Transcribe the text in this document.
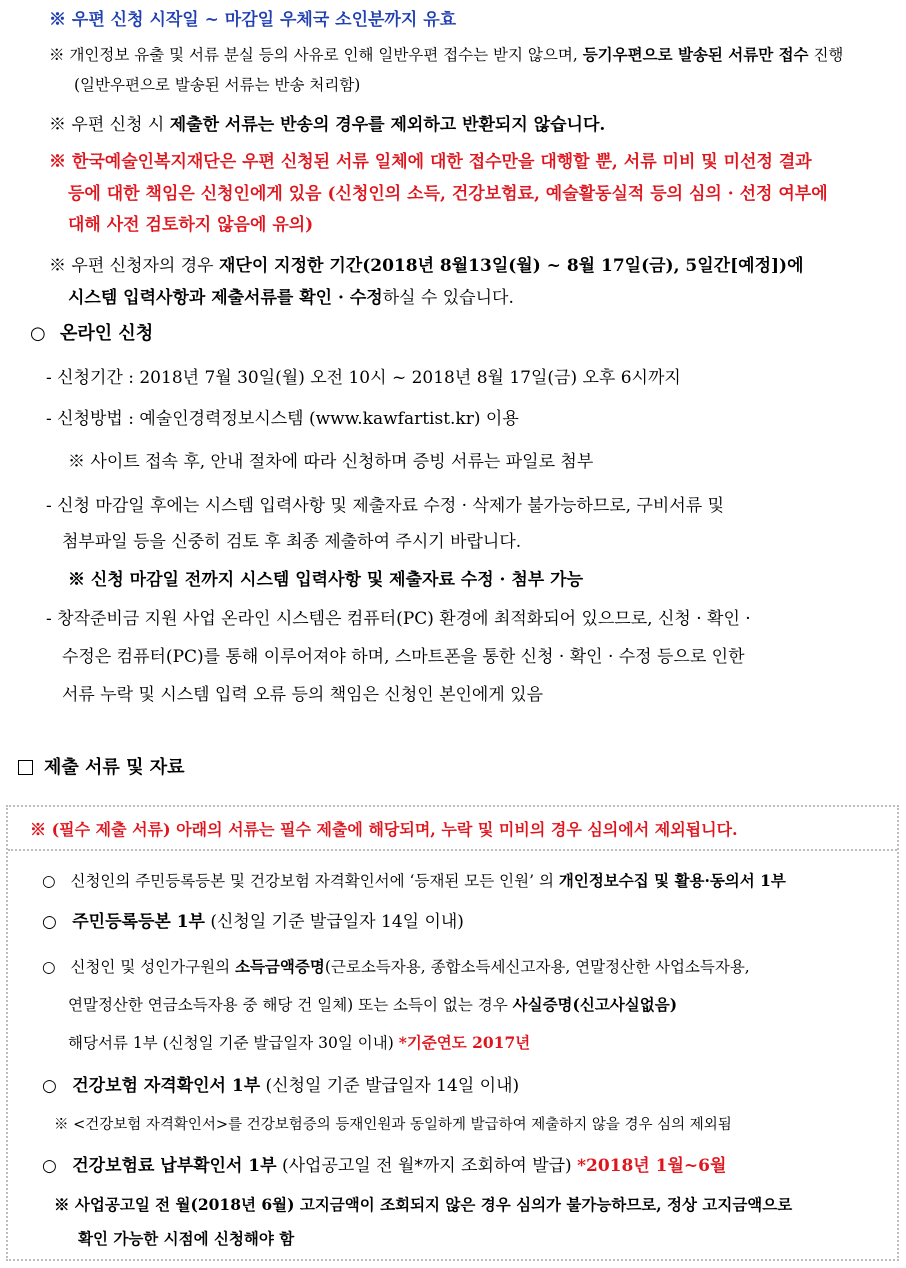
※ 우편 신청 시작일 ~ 마감일 우체국 소인분까지 유효
※ 개인정보 유출 및 서류 분실 등의 사유로 인해 일반우편 접수는 받지 않으며, 등기우편으로 발송된 서류만 접수 진행
(일반우편으로 발송된 서류는 반송 처리함)
※ 우편 신청 시 제출한 서류는 반송의 경우를 제외하고 반환되지 않습니다.
※ 한국예술인복지재단은 우편 신청된 서류 일체에 대한 접수만을 대행할 뿐, 서류 미비 및 미선정 결과
등에 대한 책임은 신청인에게 있음 (신청인의 소득, 건강보험료, 예술활동실적 등의 심의 · 선정 여부에
대해 사전 검토하지 않음에 유의)
※ 우편 신청자의 경우 재단이 지정한 기간(2018년 8월13일(월) ~ 8월 17일(금), 5일간[예정])에
시스템 입력사항과 제출서류를 확인 · 수정하실 수 있습니다.
○ 온라인 신청
- 신청기간 : 2018년 7월 30일(월) 오전 10시 ~ 2018년 8월 17일(금) 오후 6시까지
- 신청방법 : 예술인경력정보시스템 (www.kawfartist.kr) 이용
※ 사이트 접속 후, 안내 절차에 따라 신청하며 증빙 서류는 파일로 첨부
- 신청 마감일 후에는 시스템 입력사항 및 제출자료 수정 · 삭제가 불가능하므로, 구비서류 및
첨부파일 등을 신중히 검토 후 최종 제출하여 주시기 바랍니다.
※ 신청 마감일 전까지 시스템 입력사항 및 제출자료 수정 · 첨부 가능
- 창작준비금 지원 사업 온라인 시스템은 컴퓨터(PC) 환경에 최적화되어 있으므로, 신청 · 확인 ·
수정은 컴퓨터(PC)를 통해 이루어져야 하며, 스마트폰을 통한 신청 · 확인 · 수정 등으로 인한
서류 누락 및 시스템 입력 오류 등의 책임은 신청인 본인에게 있음
제출 서류 및 자료
※ (필수 제출 서류) 아래의 서류는 필수 제출에 해당되며, 누락 및 미비의 경우 심의에서 제외됩니다.
○ 신청인의 주민등록등본 및 건강보험 자격확인서에 ‘등재된 모든 인원’ 의 개인정보수집 및 활용·동의서 1부
○ 주민등록등본 1부 (신청일 기준 발급일자 14일 이내)
○ 신청인 및 성인가구원의 소득금액증명(근로소득자용, 종합소득세신고자용, 연말정산한 사업소득자용,
연말정산한 연금소득자용 중 해당 건 일체) 또는 소득이 없는 경우 사실증명(신고사실없음)
해당서류 1부 (신청일 기준 발급일자 30일 이내) *기준연도 2017년
○ 건강보험 자격확인서 1부 (신청일 기준 발급일자 14일 이내)
※ <건강보험 자격확인서>를 건강보험증의 등재인원과 동일하게 발급하여 제출하지 않을 경우 심의 제외됨
○ 건강보험료 납부확인서 1부 (사업공고일 전 월*까지 조회하여 발급) *2018년 1월~6월
※ 사업공고일 전 월(2018년 6월) 고지금액이 조회되지 않은 경우 심의가 불가능하므로, 정상 고지금액으로
확인 가능한 시점에 신청해야 함
